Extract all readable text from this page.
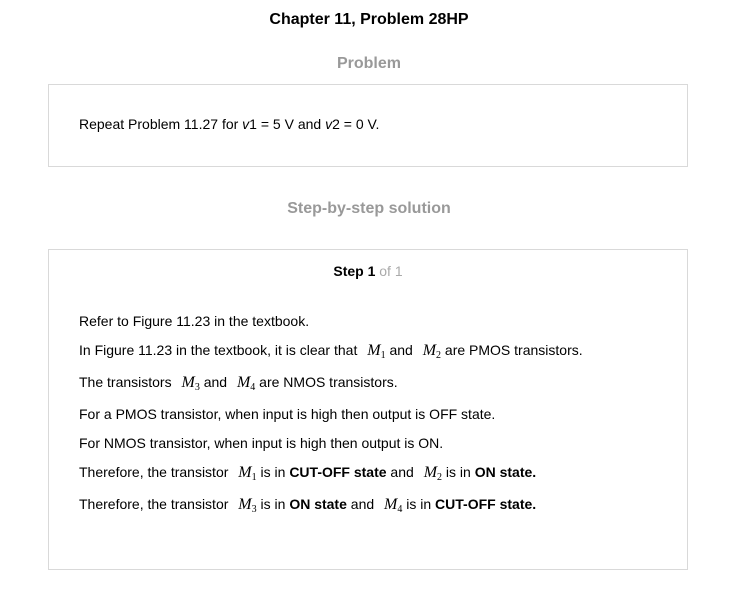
Chapter 11, Problem 28HP
Problem
Repeat Problem 11.27 for v1 = 5 V and v2 = 0 V.
Step-by-step solution
Step 1 of 1
Refer to Figure 11.23 in the textbook.
In Figure 11.23 in the textbook, it is clear that $M_1$ and $M_2$ are PMOS transistors.
The transistors $M_3$ and $M_4$ are NMOS transistors.
For a PMOS transistor, when input is high then output is OFF state.
For NMOS transistor, when input is high then output is ON.
Therefore, the transistor $M_1$ is in CUT-OFF state and $M_2$ is in ON state.
Therefore, the transistor $M_3$ is in ON state and $M_4$ is in CUT-OFF state.
